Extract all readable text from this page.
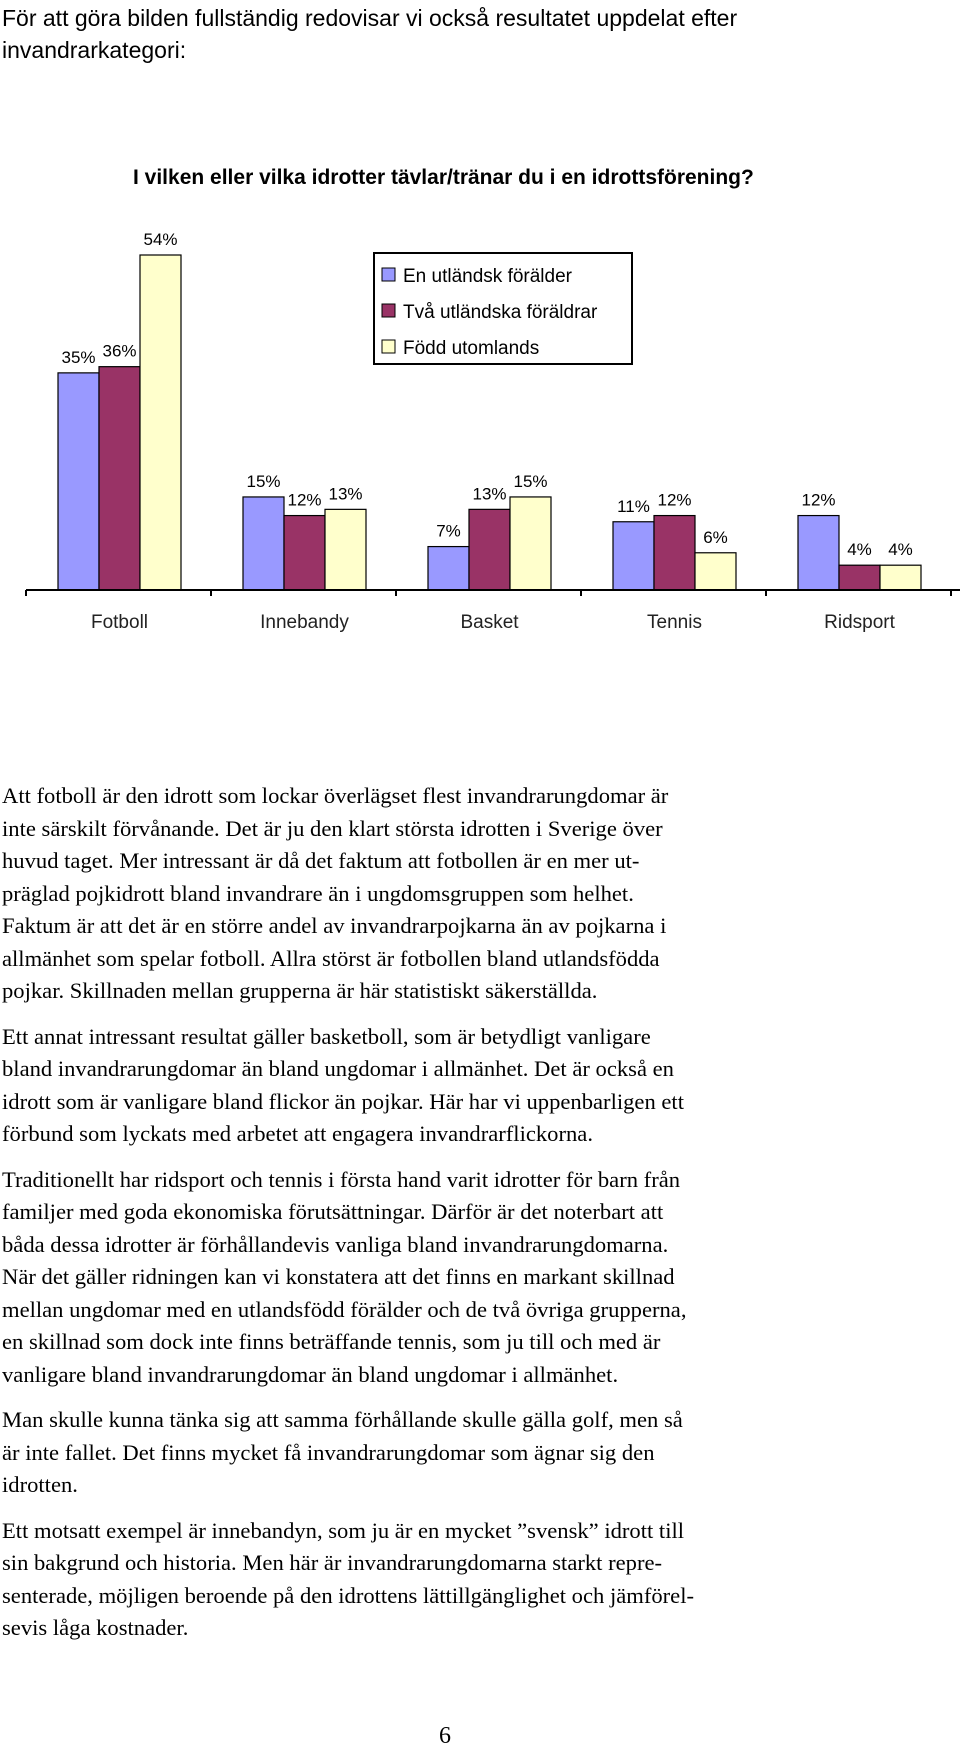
För att göra bilden fullständig redovisar vi också resultatet uppdelat efter
invandrarkategori:
I vilken eller vilka idrotter tävlar/tränar du i en idrottsförening?
35% 36%
54%
15%
12% 13%
7%
13%
15%
11% 12%
6%
12%
4% 4%
Fotboll	Innebandy	Basket	Tennis	Ridsport
En utländsk förälder
Två utländska föräldrar
Född utomlands

Att fotboll är den idrott som lockar överlägset flest invandrarungdomar är
inte särskilt förvånande. Det är ju den klart största idrotten i Sverige över
huvud taget. Mer intressant är då det faktum att fotbollen är en mer ut-
präglad pojkidrott bland invandrare än i ungdomsgruppen som helhet.
Faktum är att det är en större andel av invandrarpojkarna än av pojkarna i
allmänhet som spelar fotboll. Allra störst är fotbollen bland utlandsfödda
pojkar. Skillnaden mellan grupperna är här statistiskt säkerställda.

Ett annat intressant resultat gäller basketboll, som är betydligt vanligare
bland invandrarungdomar än bland ungdomar i allmänhet. Det är också en
idrott som är vanligare bland flickor än pojkar. Här har vi uppenbarligen ett
förbund som lyckats med arbetet att engagera invandrarflickorna.

Traditionellt har ridsport och tennis i första hand varit idrotter för barn från
familjer med goda ekonomiska förutsättningar. Därför är det noterbart att
båda dessa idrotter är förhållandevis vanliga bland invandrarungdomarna.
När det gäller ridningen kan vi konstatera att det finns en markant skillnad
mellan ungdomar med en utlandsfödd förälder och de två övriga grupperna,
en skillnad som dock inte finns beträffande tennis, som ju till och med är
vanligare bland invandrarungdomar än bland ungdomar i allmänhet.

Man skulle kunna tänka sig att samma förhållande skulle gälla golf, men så
är inte fallet. Det finns mycket få invandrarungdomar som ägnar sig den
idrotten.

Ett motsatt exempel är innebandyn, som ju är en mycket ”svensk” idrott till
sin bakgrund och historia. Men här är invandrarungdomarna starkt repre-
senterade, möjligen beroende på den idrottens lättillgänglighet och jämförel-
sevis låga kostnader.

6
